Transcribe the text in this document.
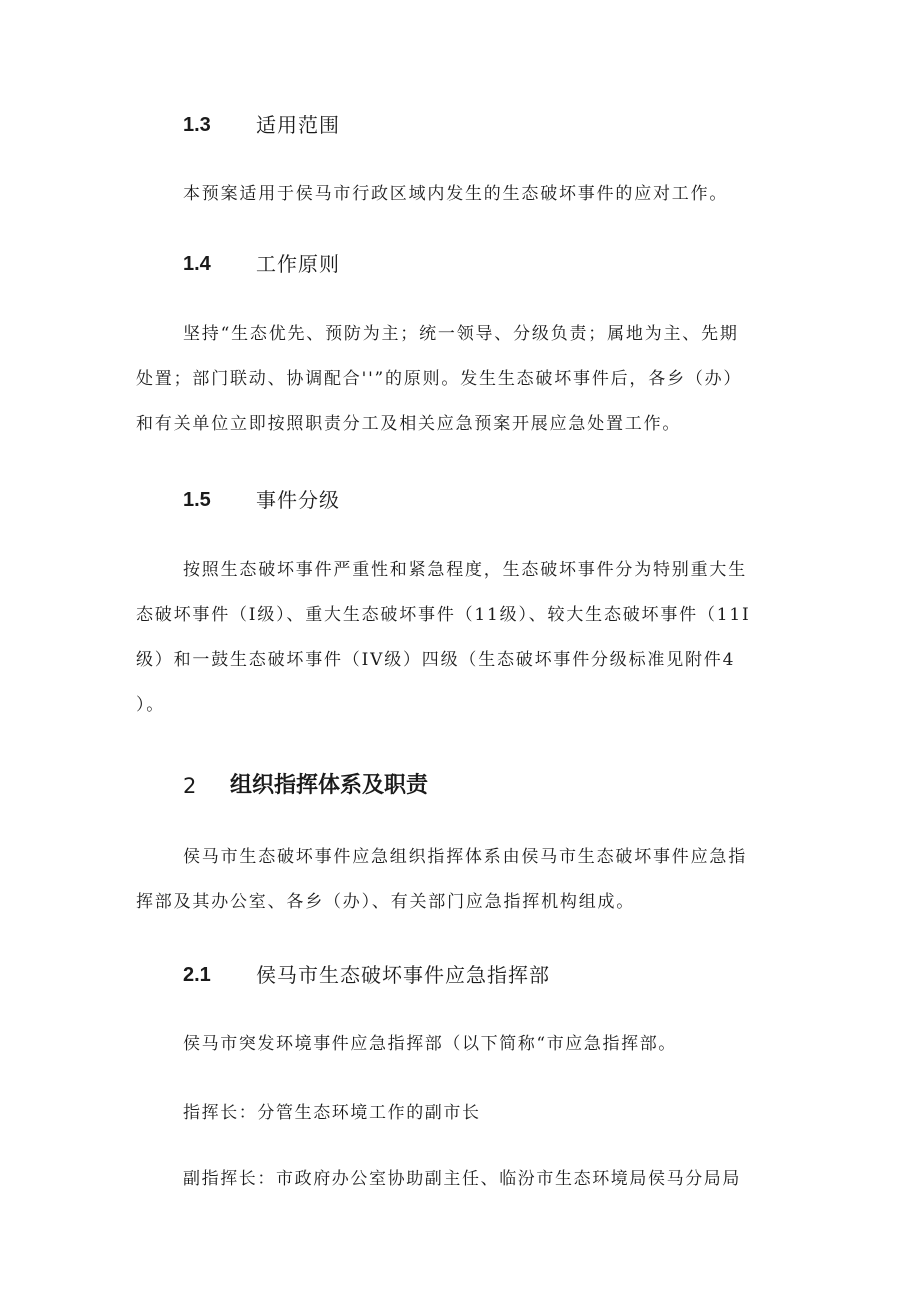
1.3 适用范围

本预案适用于侯马市行政区域内发生的生态破坏事件的应对工作。

1.4 工作原则

坚持“生态优先、预防为主；统一领导、分级负责；属地为主、先期

处置；部门联动、协调配合''”的原则。发生生态破坏事件后，各乡（办）

和有关单位立即按照职责分工及相关应急预案开展应急处置工作。

1.5 事件分级

按照生态破坏事件严重性和紧急程度，生态破坏事件分为特别重大生

态破坏事件（I级）、重大生态破坏事件（11级）、较大生态破坏事件（11I

级）和一鼓生态破坏事件（IV级）四级（生态破坏事件分级标准见附件4

）。

2 组织指挥体系及职责

侯马市生态破坏事件应急组织指挥体系由侯马市生态破坏事件应急指

挥部及其办公室、各乡（办）、有关部门应急指挥机构组成。

2.1 侯马市生态破坏事件应急指挥部
侯马市突发环境事件应急指挥部（以下简称“市应急指挥部。
指挥长：分管生态环境工作的副市长
副指挥长：市政府办公室协助副主任、临汾市生态环境局侯马分局局
